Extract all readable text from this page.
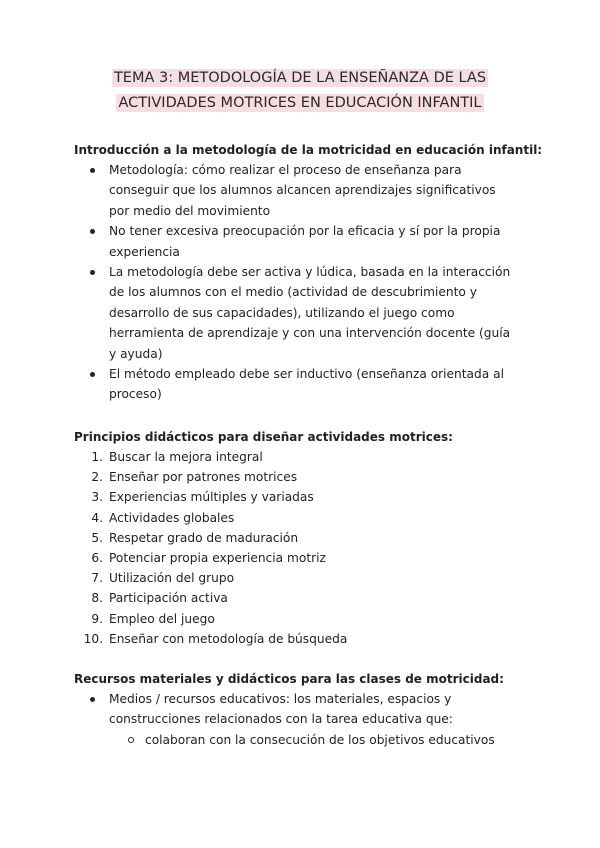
TEMA 3: METODOLOGÍA DE LA ENSEÑANZA DE LAS
ACTIVIDADES MOTRICES EN EDUCACIÓN INFANTIL

Introducción a la metodología de la motricidad en educación infantil:

Metodología: cómo realizar el proceso de enseñanza para
conseguir que los alumnos alcancen aprendizajes significativos
por medio del movimiento
No tener excesiva preocupación por la eficacia y sí por la propia
experiencia
La metodología debe ser activa y lúdica, basada en la interacción
de los alumnos con el medio (actividad de descubrimiento y
desarrollo de sus capacidades), utilizando el juego como
herramienta de aprendizaje y con una intervención docente (guía
y ayuda)
El método empleado debe ser inductivo (enseñanza orientada al
proceso)

Principios didácticos para diseñar actividades motrices:

1. Buscar la mejora integral
2. Enseñar por patrones motrices
3. Experiencias múltiples y variadas
4. Actividades globales
5. Respetar grado de maduración
6. Potenciar propia experiencia motriz
7. Utilización del grupo
8. Participación activa
9. Empleo del juego
10. Enseñar con metodología de búsqueda

Recursos materiales y didácticos para las clases de motricidad:

Medios / recursos educativos: los materiales, espacios y
construcciones relacionados con la tarea educativa que:
colaboran con la consecución de los objetivos educativos
